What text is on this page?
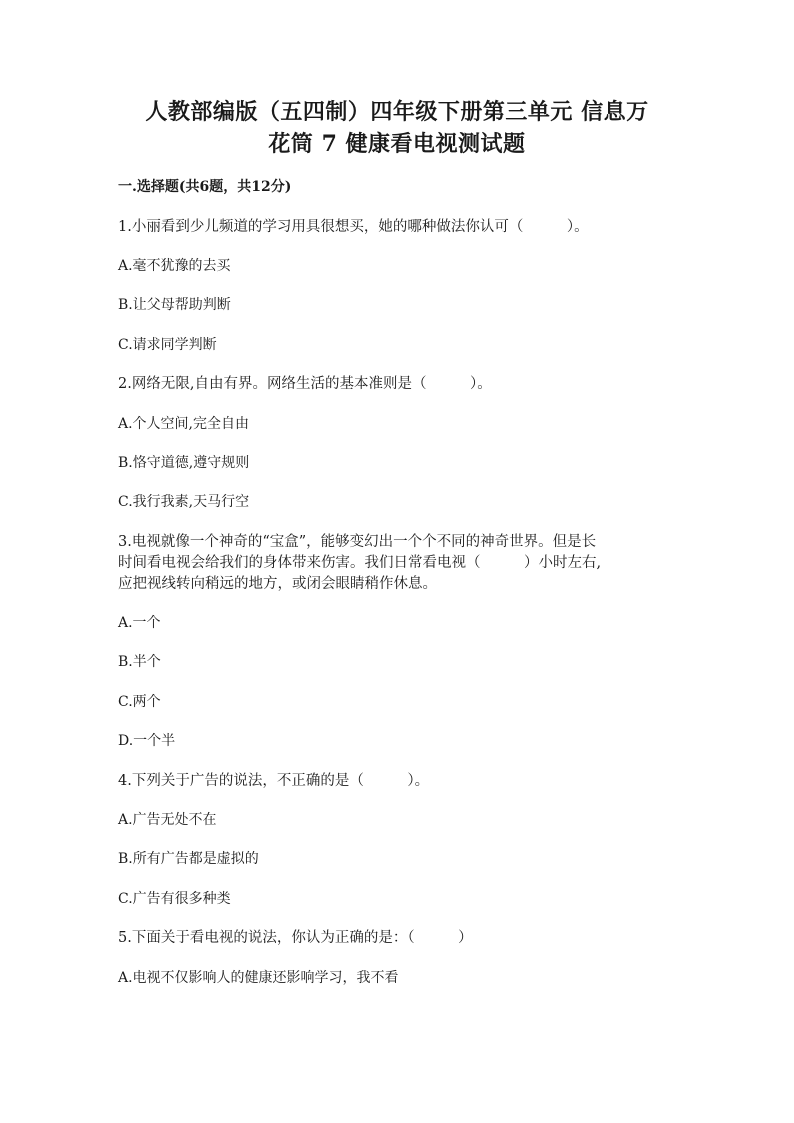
人教部编版（五四制）四年级下册第三单元 信息万
花筒 7 健康看电视测试题
一.选择题(共6题，共12分)
1.小丽看到少儿频道的学习用具很想买，她的哪种做法你认可（　　　）。
A.毫不犹豫的去买
B.让父母帮助判断
C.请求同学判断
2.网络无限,自由有界。网络生活的基本准则是（　　　）。
A.个人空间,完全自由
B.恪守道德,遵守规则
C.我行我素,天马行空
3.电视就像一个神奇的“宝盒”，能够变幻出一个个不同的神奇世界。但是长
时间看电视会给我们的身体带来伤害。我们日常看电视（　　　）小时左右,
应把视线转向稍远的地方，或闭会眼睛稍作休息。
A.一个
B.半个
C.两个
D.一个半
4.下列关于广告的说法，不正确的是（　　　）。
A.广告无处不在
B.所有广告都是虚拟的
C.广告有很多种类
5.下面关于看电视的说法，你认为正确的是：（　　　）
A.电视不仅影响人的健康还影响学习，我不看
